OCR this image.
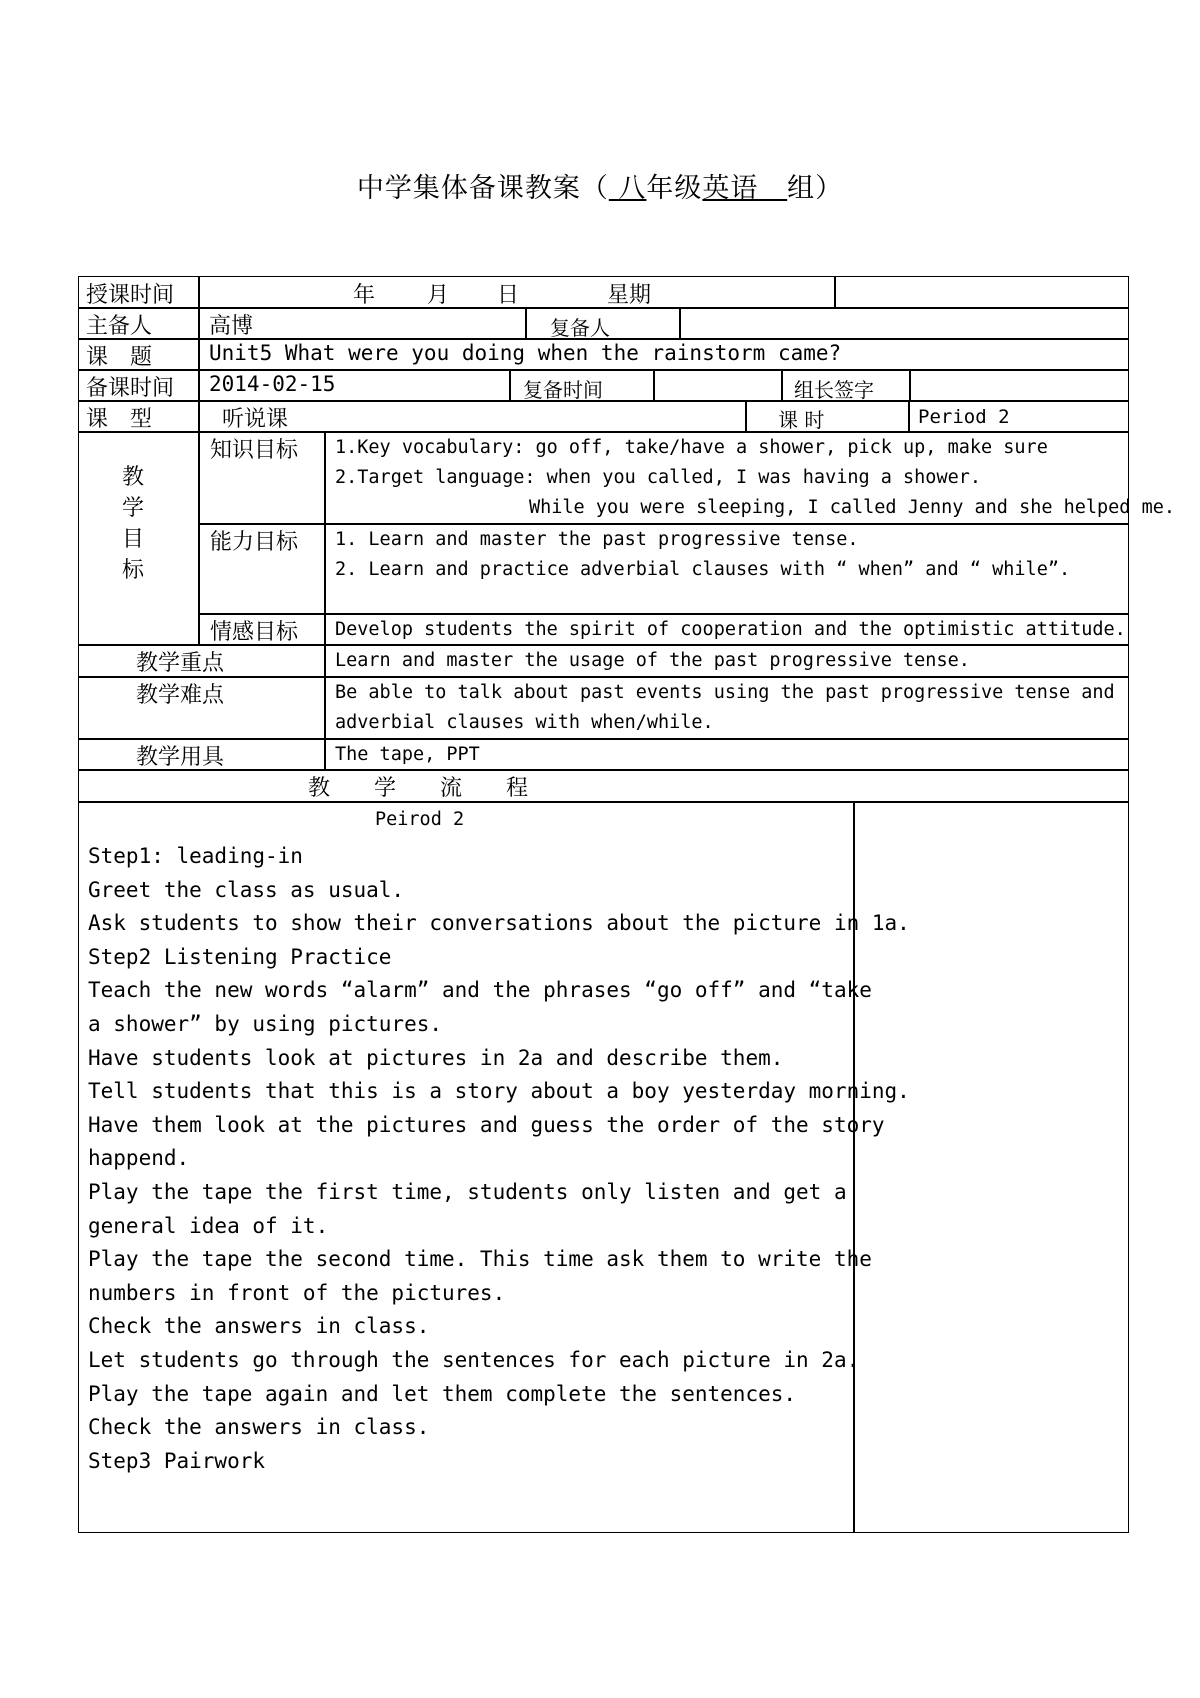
中学集体备课教案（ 八年级英语 组）
授课时间	年 月 日	星期
主备人	高博	复备人
课　题	Unit5 What were you doing when the rainstorm came?
备课时间 2014-02-15	复备时间	组长签字
课　型	听说课	课 时	Period 2
教
学
目
标
知识目标 1.Key vocabulary: go off, take/have a shower, pick up, make sure
2.Target language: when you called, I was having a shower.
While you were sleeping, I called Jenny and she helped me.
能力目标 1. Learn and master the past progressive tense.
2. Learn and practice adverbial clauses with “ when” and “ while”.
情感目标 Develop students the spirit of cooperation and the optimistic attitude.
教学重点	Learn and master the usage of the past progressive tense.
教学难点	Be able to talk about past events using the past progressive tense and
adverbial clauses with when/while.
教学用具	The tape, PPT
教　　学　　流　　程
Peirod 2
Step1: leading-in
Greet the class as usual.
Ask students to show their conversations about the picture in 1a.
Step2 Listening Practice
Teach the new words “alarm” and the phrases “go off” and “take
a shower” by using pictures.
Have students look at pictures in 2a and describe them.
Tell students that this is a story about a boy yesterday morning.
Have them look at the pictures and guess the order of the story
happend.
Play the tape the first time, students only listen and get a
general idea of it.
Play the tape the second time. This time ask them to write the
numbers in front of the pictures.
Check the answers in class.
Let students go through the sentences for each picture in 2a.
Play the tape again and let them complete the sentences.
Check the answers in class.
Step3 Pairwork
